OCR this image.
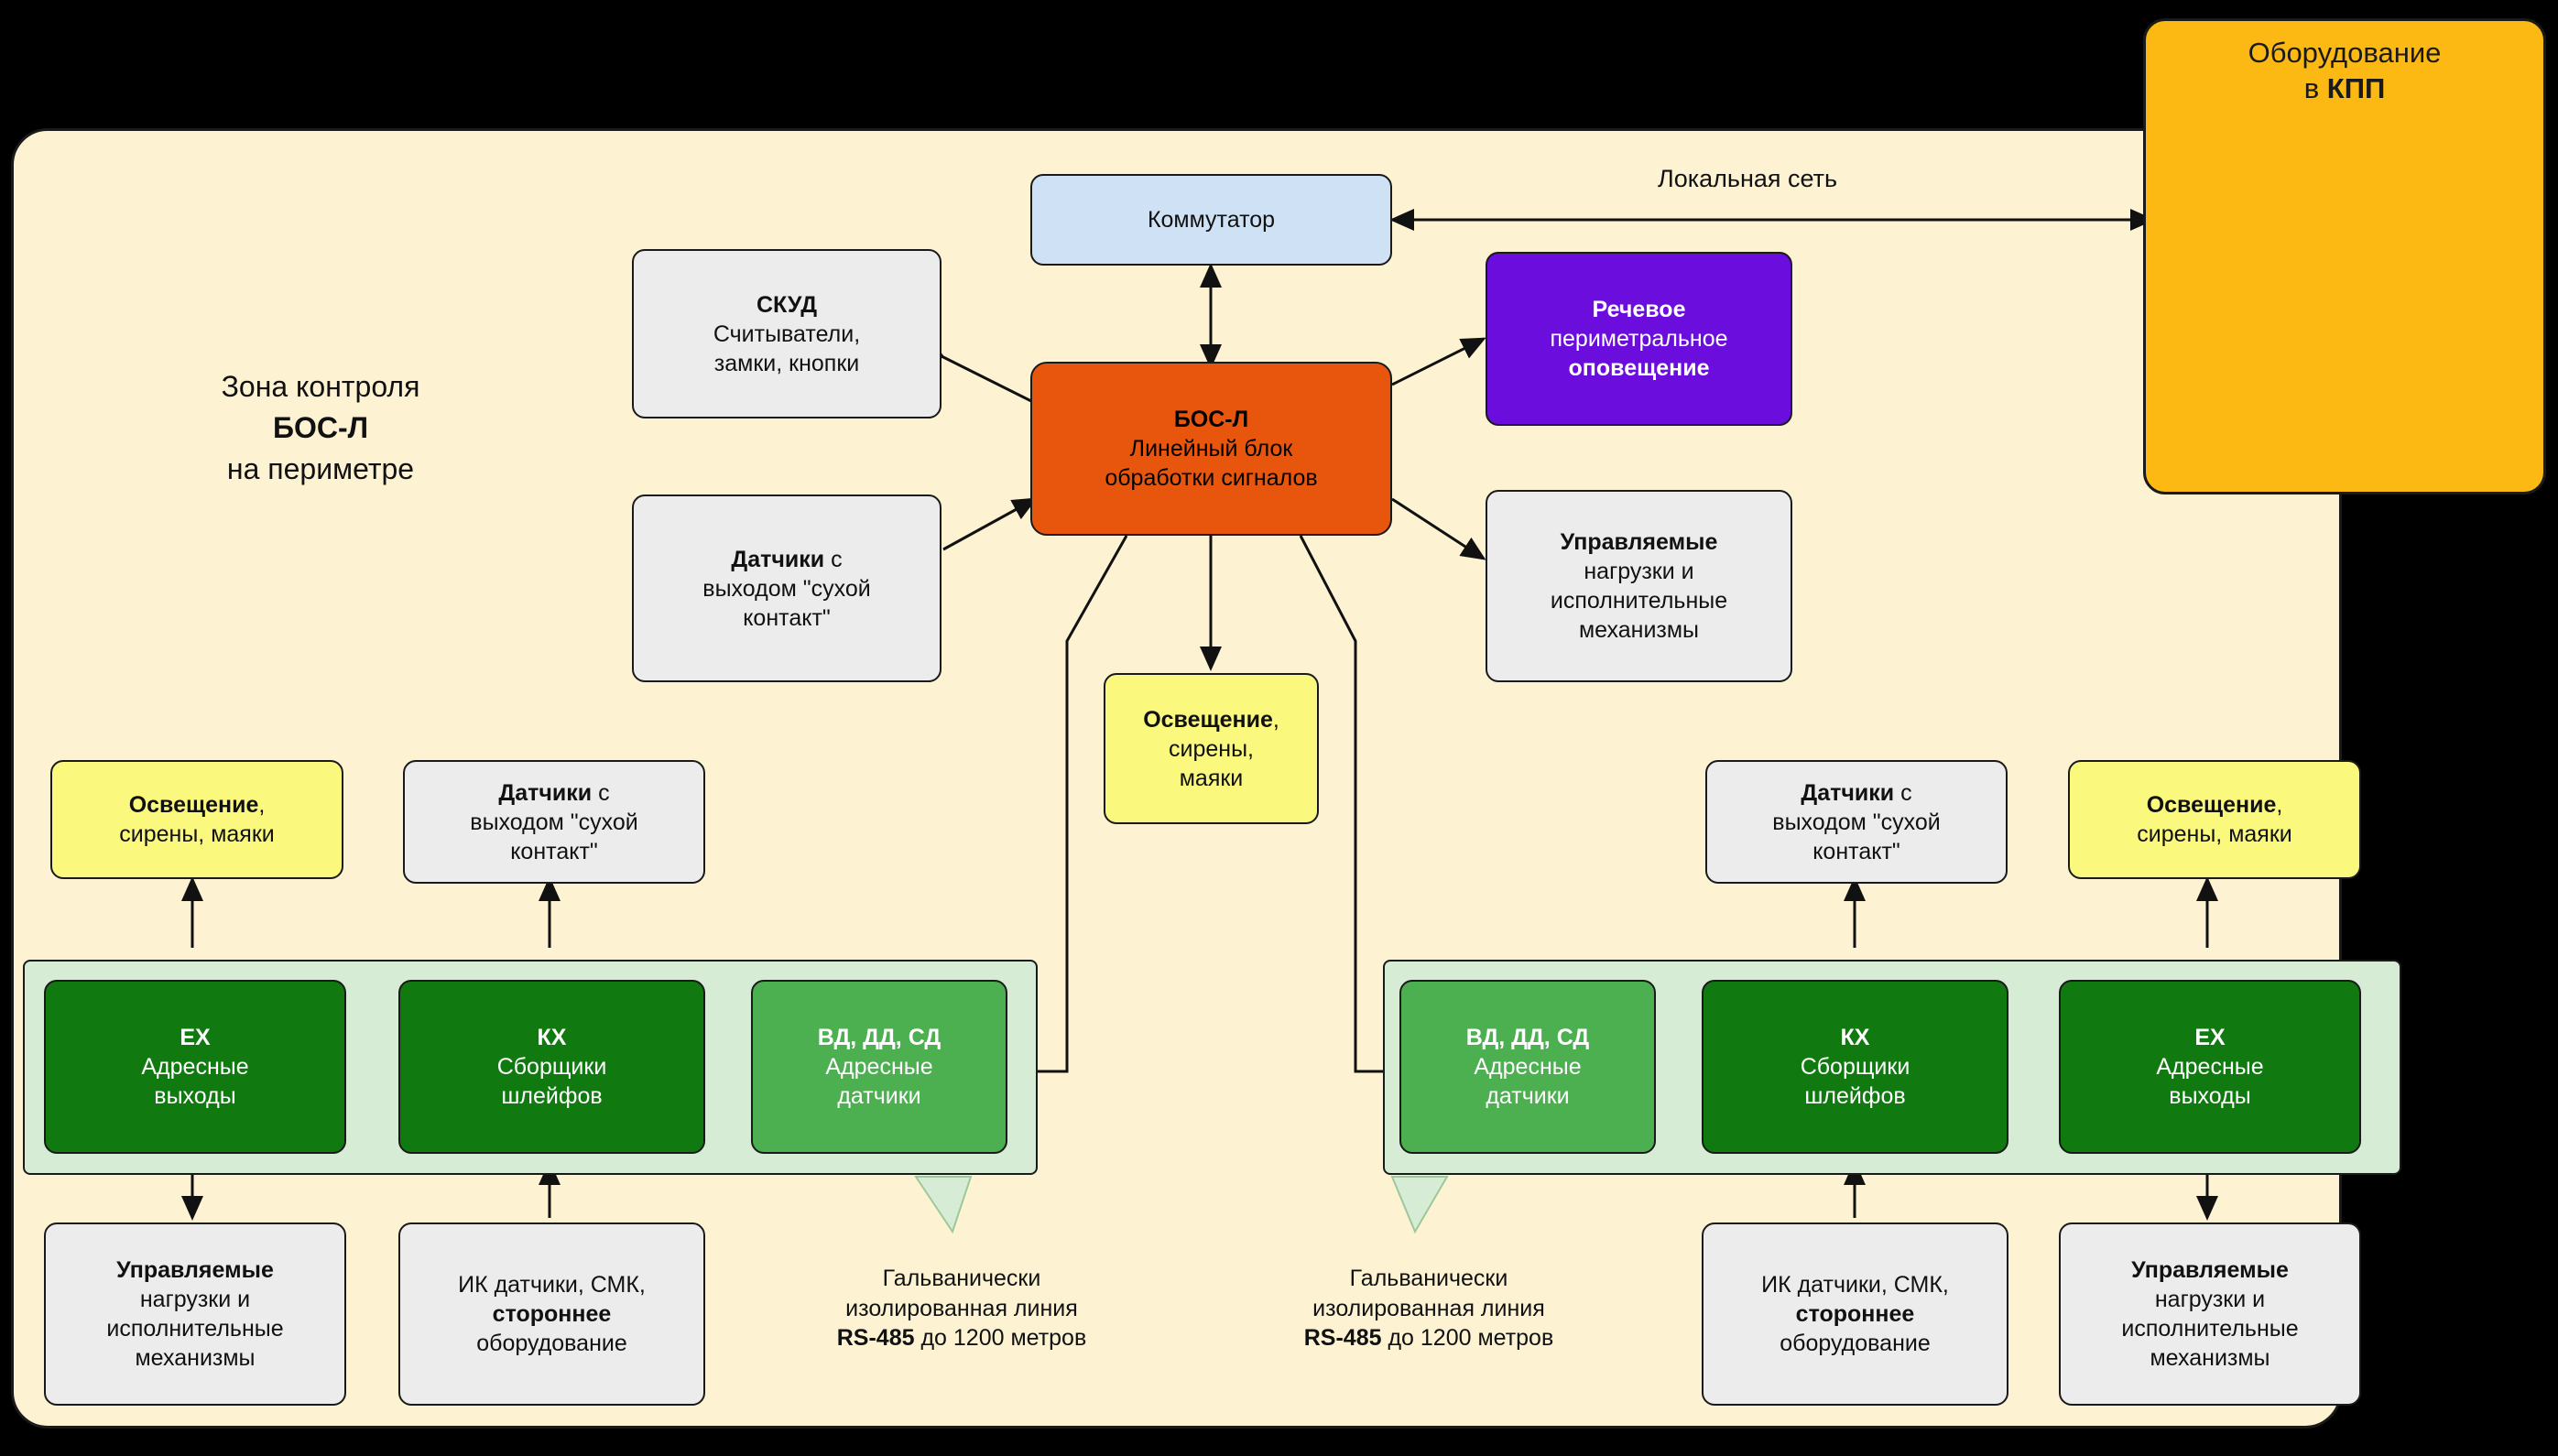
Оборудование
в КПП
Локальная сеть
Зона контроля
БОС-Л
на периметре
Коммутатор
БОС-Л
Линейный блок
обработки сигналов
СКУД
Считыватели,
замки, кнопки
Датчики с
выходом "сухой
контакт"
Речевое
периметральное
оповещение
Управляемые
нагрузки и
исполнительные
механизмы
Освещение,
сирены,
маяки
Освещение,
сирены, маяки
Датчики с
выходом "сухой
контакт"
ЕХ
Адресные
выходы
КХ
Сборщики
шлейфов
ВД, ДД, СД
Адресные
датчики
Управляемые
нагрузки и
исполнительные
механизмы
ИК датчики, СМК,
стороннее
оборудование
Гальванически
изолированная линия
RS-485 до 1200 метров
Датчики с
выходом "сухой
контакт"
Освещение,
сирены, маяки
ВД, ДД, СД
Адресные
датчики
КХ
Сборщики
шлейфов
ЕХ
Адресные
выходы
ИК датчики, СМК,
стороннее
оборудование
Управляемые
нагрузки и
исполнительные
механизмы
Гальванически
изолированная линия
RS-485 до 1200 метров
